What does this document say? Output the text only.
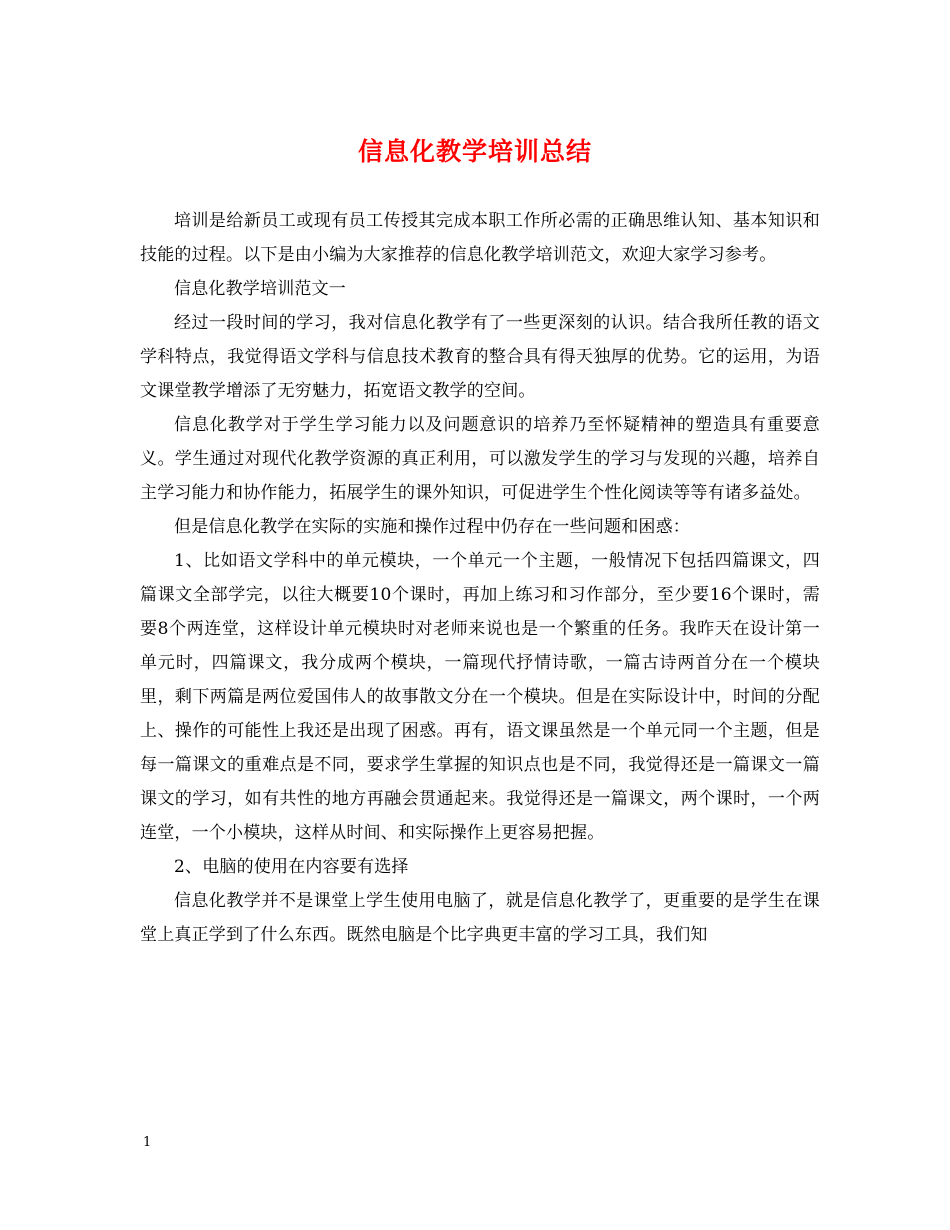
信息化教学培训总结

培训是给新员工或现有员工传授其完成本职工作所必需的正确思维认知、基本知识和技能的过程。以下是由小编为大家推荐的信息化教学培训范文，欢迎大家学习参考。

信息化教学培训范文一

经过一段时间的学习，我对信息化教学有了一些更深刻的认识。结合我所任教的语文学科特点，我觉得语文学科与信息技术教育的整合具有得天独厚的优势。它的运用，为语文课堂教学增添了无穷魅力，拓宽语文教学的空间。

信息化教学对于学生学习能力以及问题意识的培养乃至怀疑精神的塑造具有重要意义。学生通过对现代化教学资源的真正利用，可以激发学生的学习与发现的兴趣，培养自主学习能力和协作能力，拓展学生的课外知识，可促进学生个性化阅读等等有诸多益处。

但是信息化教学在实际的实施和操作过程中仍存在一些问题和困惑：

1、比如语文学科中的单元模块，一个单元一个主题，一般情况下包括四篇课文，四篇课文全部学完，以往大概要10个课时，再加上练习和习作部分，至少要16个课时，需要8个两连堂，这样设计单元模块时对老师来说也是一个繁重的任务。我昨天在设计第一单元时，四篇课文，我分成两个模块，一篇现代抒情诗歌，一篇古诗两首分在一个模块里，剩下两篇是两位爱国伟人的故事散文分在一个模块。但是在实际设计中，时间的分配上、操作的可能性上我还是出现了困惑。再有，语文课虽然是一个单元同一个主题，但是每一篇课文的重难点是不同，要求学生掌握的知识点也是不同，我觉得还是一篇课文一篇课文的学习，如有共性的地方再融会贯通起来。我觉得还是一篇课文，两个课时，一个两连堂，一个小模块，这样从时间、和实际操作上更容易把握。

2、电脑的使用在内容要有选择

信息化教学并不是课堂上学生使用电脑了，就是信息化教学了，更重要的是学生在课堂上真正学到了什么东西。既然电脑是个比字典更丰富的学习工具，我们知

1
